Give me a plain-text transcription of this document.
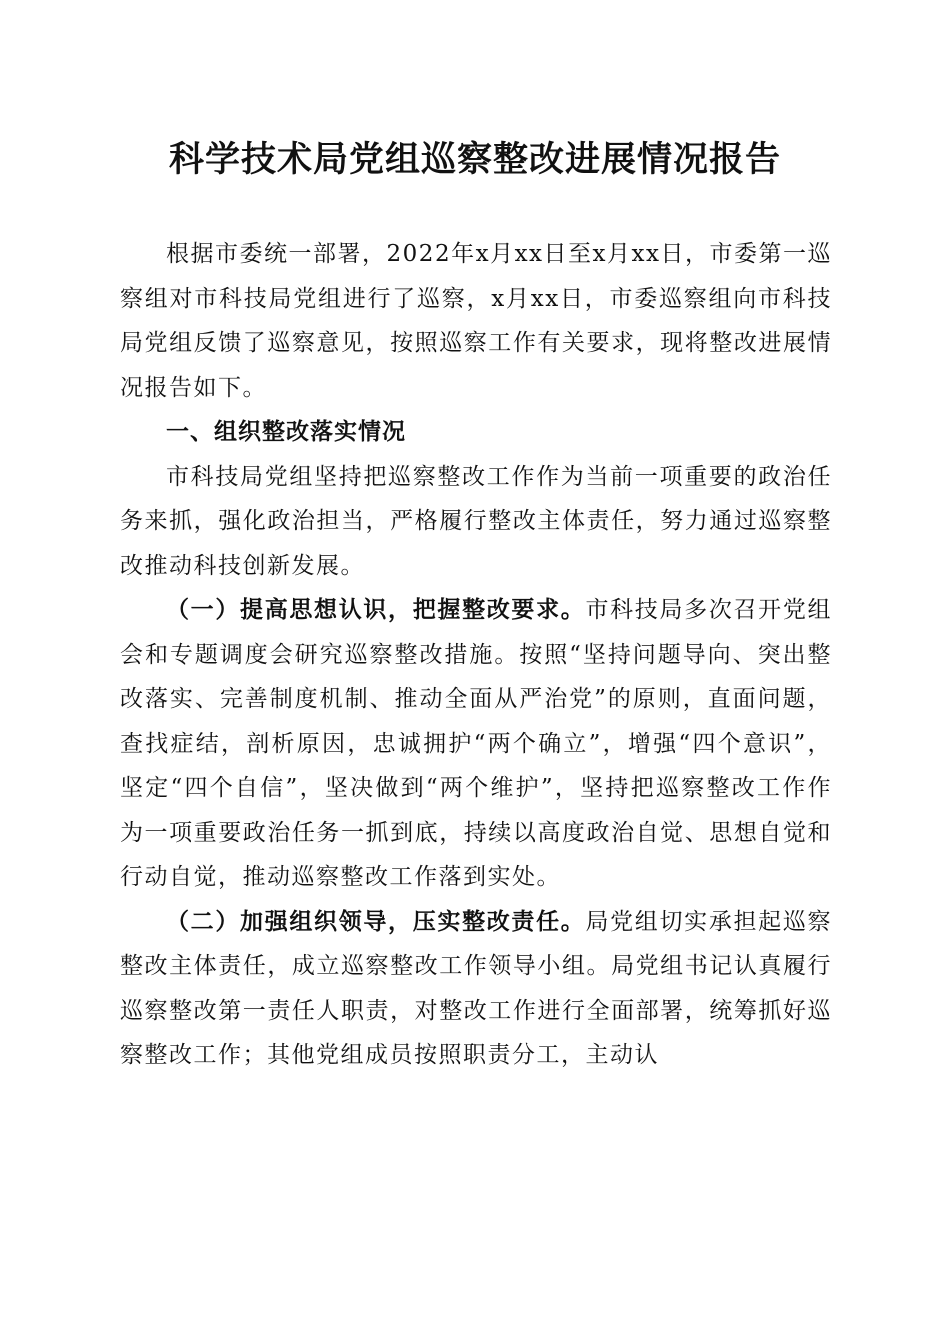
科学技术局党组巡察整改进展情况报告

根据市委统一部署，2022年x月xx日至x月xx日，市委第一巡察组对市科技局党组进行了巡察，x月xx日，市委巡察组向市科技局党组反馈了巡察意见，按照巡察工作有关要求，现将整改进展情况报告如下。

一、组织整改落实情况

市科技局党组坚持把巡察整改工作作为当前一项重要的政治任务来抓，强化政治担当，严格履行整改主体责任，努力通过巡察整改推动科技创新发展。

（一）提高思想认识，把握整改要求。市科技局多次召开党组会和专题调度会研究巡察整改措施。按照“坚持问题导向、突出整改落实、完善制度机制、推动全面从严治党”的原则，直面问题，查找症结，剖析原因，忠诚拥护“两个确立”，增强“四个意识”，坚定“四个自信”，坚决做到“两个维护”，坚持把巡察整改工作作为一项重要政治任务一抓到底，持续以高度政治自觉、思想自觉和行动自觉，推动巡察整改工作落到实处。

（二）加强组织领导，压实整改责任。局党组切实承担起巡察整改主体责任，成立巡察整改工作领导小组。局党组书记认真履行巡察整改第一责任人职责，对整改工作进行全面部署，统筹抓好巡察整改工作；其他党组成员按照职责分工，主动认
